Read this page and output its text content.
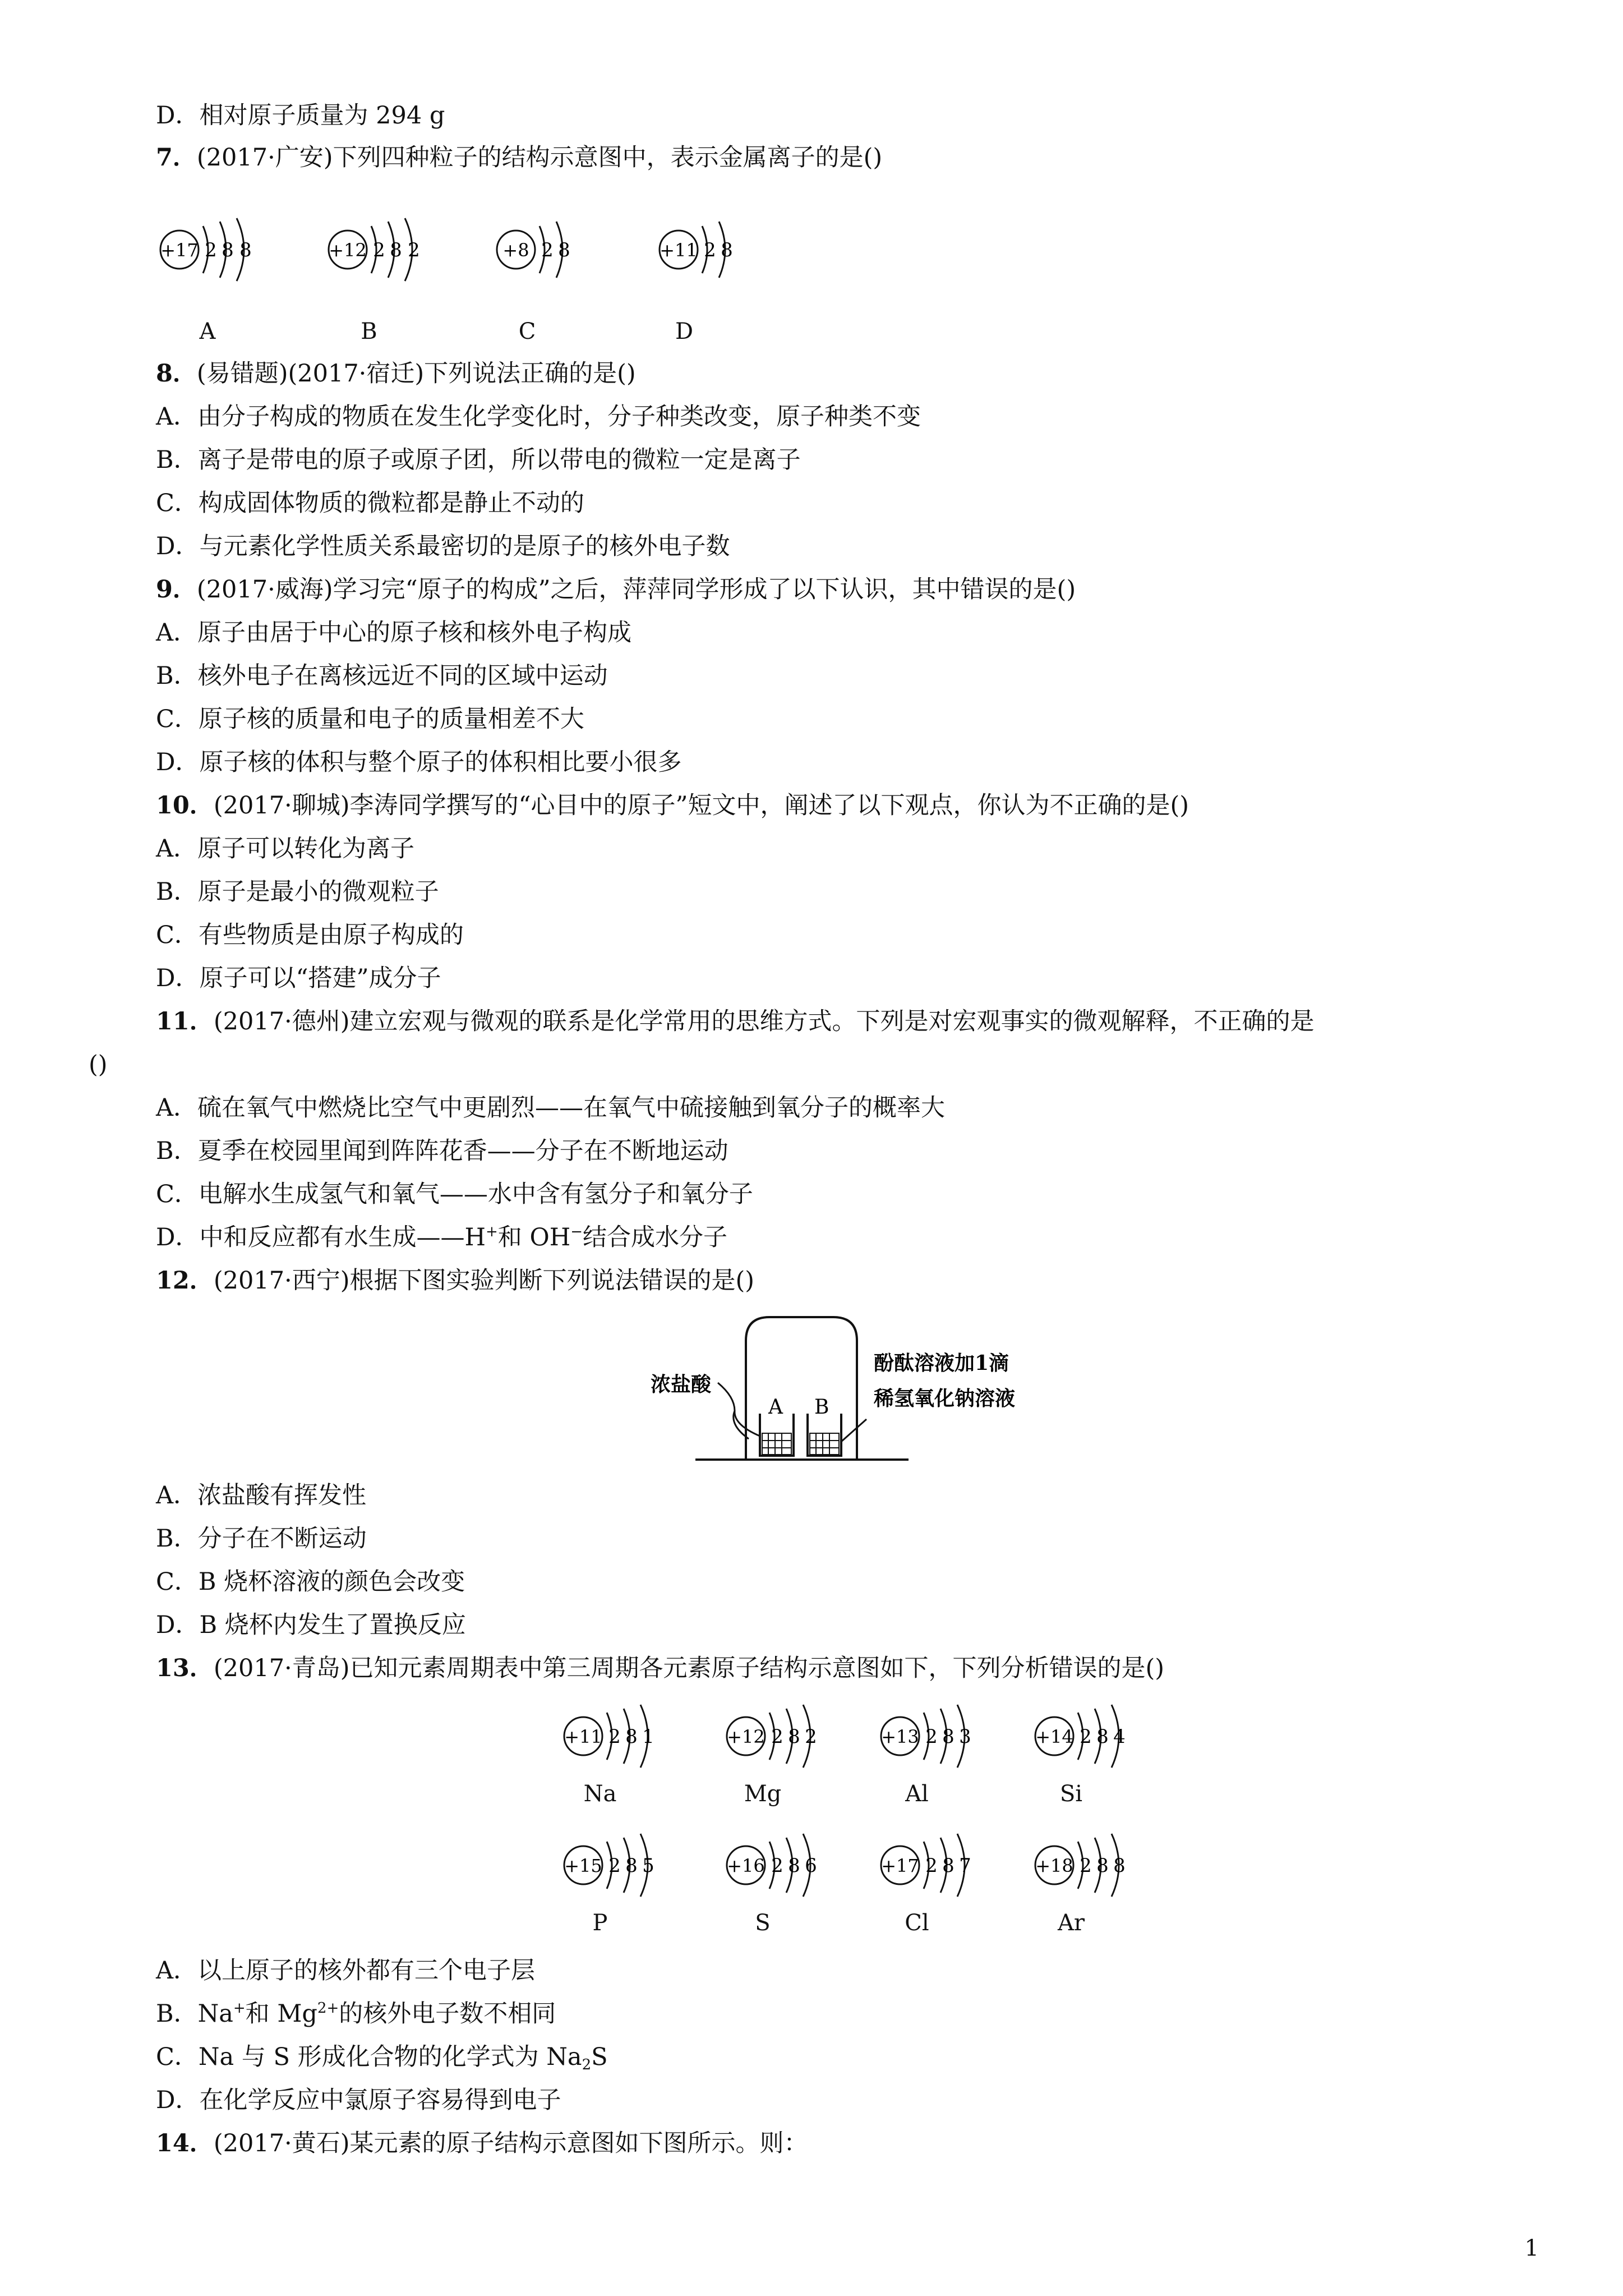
D．相对原子质量为 294 g
7．(2017·广安)下列四种粒子的结构示意图中，表示金属离子的是()
+17 2 8 8
A
+12 2 8 2
B
+8 2 8
C
+11 2 8
D
8．(易错题)(2017·宿迁)下列说法正确的是()
A．由分子构成的物质在发生化学变化时，分子种类改变，原子种类不变
B．离子是带电的原子或原子团，所以带电的微粒一定是离子
C．构成固体物质的微粒都是静止不动的
D．与元素化学性质关系最密切的是原子的核外电子数
9．(2017·威海)学习完“原子的构成”之后，萍萍同学形成了以下认识，其中错误的是()
A．原子由居于中心的原子核和核外电子构成
B．核外电子在离核远近不同的区域中运动
C．原子核的质量和电子的质量相差不大
D．原子核的体积与整个原子的体积相比要小很多
10．(2017·聊城)李涛同学撰写的“心目中的原子”短文中，阐述了以下观点，你认为不正确的是()
A．原子可以转化为离子
B．原子是最小的微观粒子
C．有些物质是由原子构成的
D．原子可以“搭建”成分子
11．(2017·德州)建立宏观与微观的联系是化学常用的思维方式。下列是对宏观事实的微观解释，不正确的是
()
A．硫在氧气中燃烧比空气中更剧烈——在氧气中硫接触到氧分子的概率大
B．夏季在校园里闻到阵阵花香——分子在不断地运动
C．电解水生成氢气和氧气——水中含有氢分子和氧分子
D．中和反应都有水生成——H+和 OH−结合成水分子
12．(2017·西宁)根据下图实验判断下列说法错误的是()
浓盐酸
A B
酚酞溶液加1滴
稀氢氧化钠溶液
A．浓盐酸有挥发性
B．分子在不断运动
C．B 烧杯溶液的颜色会改变
D．B 烧杯内发生了置换反应
13．(2017·青岛)已知元素周期表中第三周期各元素原子结构示意图如下，下列分析错误的是()
+11 2 8 1
Na
+12 2 8 2
Mg
+13 2 8 3
Al
+14 2 8 4
Si
+15 2 8 5
P
+16 2 8 6
S
+17 2 8 7
Cl
+18 2 8 8
Ar
A．以上原子的核外都有三个电子层
B．Na+和 $Mg^{2+}$的核外电子数不相同
C．Na 与 S 形成化合物的化学式为 $Na_2S$
D．在化学反应中氯原子容易得到电子
14．(2017·黄石)某元素的原子结构示意图如下图所示。则：
1
